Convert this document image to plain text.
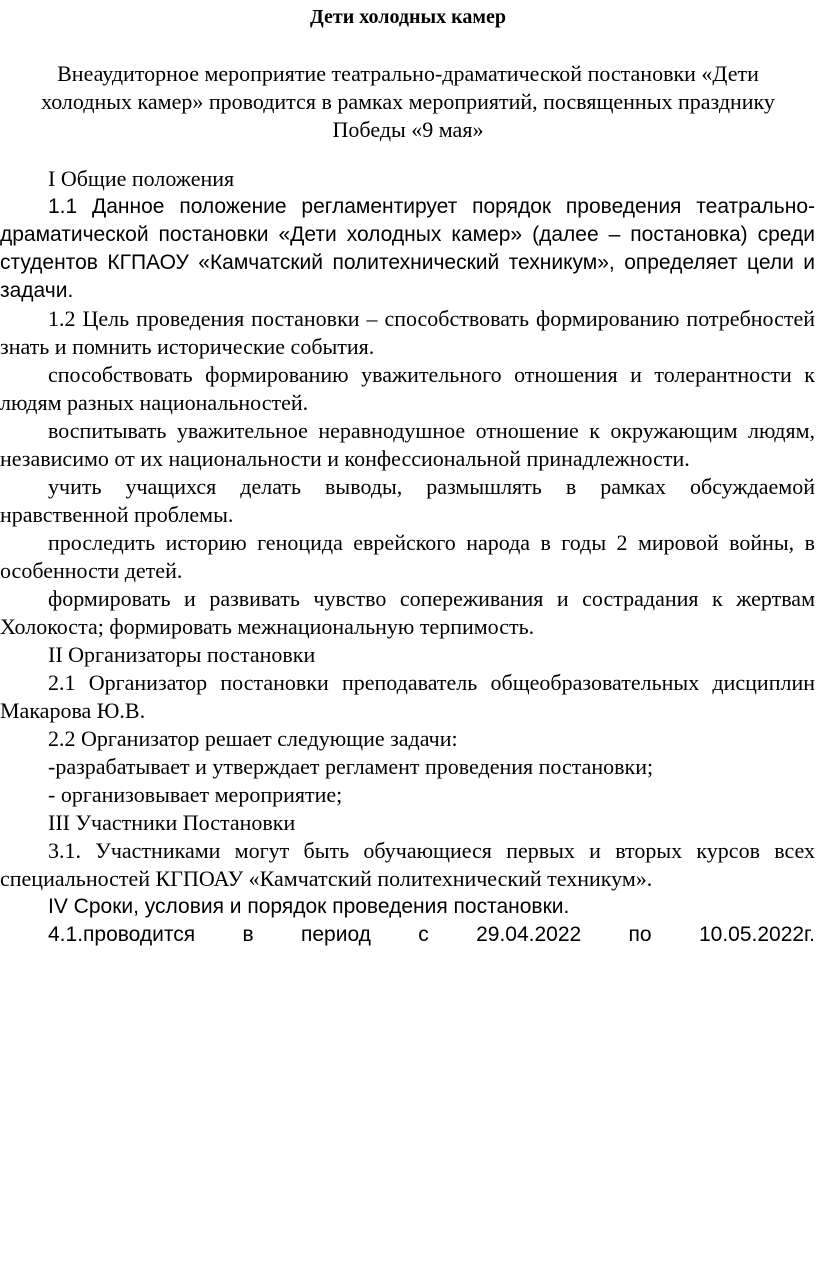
Дети холодных камер

Внеаудиторное мероприятие театрально-драматической постановки «Дети холодных камер» проводится в рамках мероприятий, посвященных празднику Победы «9 мая»

I Общие положения

1.1 Данное положение регламентирует порядок проведения театрально-драматической постановки «Дети холодных камер» (далее – постановка) среди студентов КГПАОУ «Камчатский политехнический техникум», определяет цели и задачи.

1.2 Цель проведения постановки – способствовать формированию потребностей знать и помнить исторические события.

способствовать формированию уважительного отношения и толерантности к людям разных национальностей.

воспитывать уважительное неравнодушное отношение к окружающим людям, независимо от их национальности и конфессиональной принадлежности.

учить учащихся делать выводы, размышлять в рамках обсуждаемой нравственной проблемы.

проследить историю геноцида еврейского народа в годы 2 мировой войны, в особенности детей.

формировать и развивать чувство сопереживания и сострадания к жертвам Холокоста; формировать межнациональную терпимость.

II Организаторы постановки

2.1 Организатор постановки преподаватель общеобразовательных дисциплин Макарова Ю.В.

2.2 Организатор решает следующие задачи:

-разрабатывает и утверждает регламент проведения постановки;

- организовывает мероприятие;

III Участники Постановки

3.1. Участниками могут быть обучающиеся первых и вторых курсов всех специальностей КГПОАУ «Камчатский политехнический техникум».

IV Сроки, условия и порядок проведения постановки.

4.1.проводится в период с 29.04.2022 по 10.05.2022г.
